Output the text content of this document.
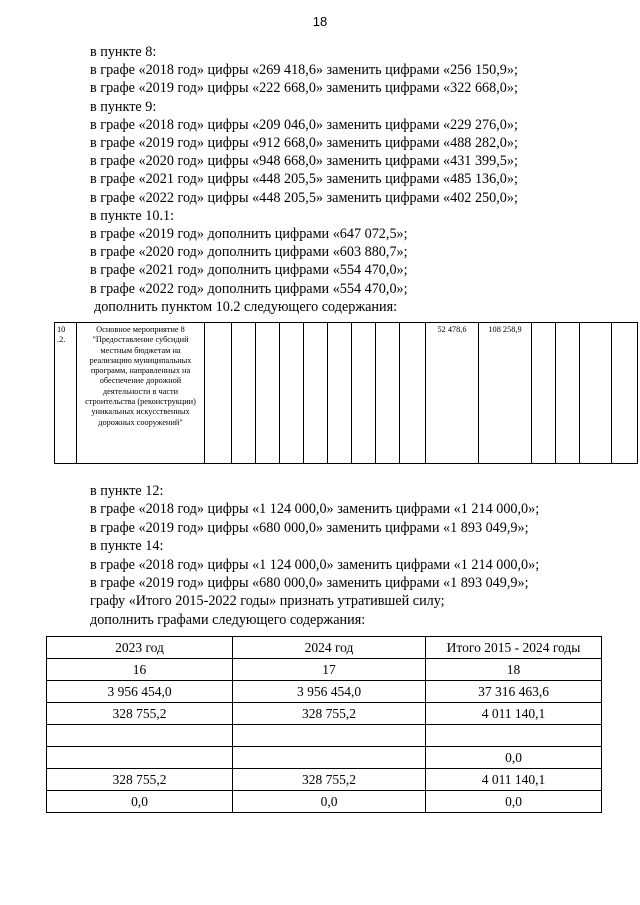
18

в пункте 8:

в графе «2018 год» цифры «269 418,6» заменить цифрами «256 150,9»;

в графе «2019 год» цифры «222 668,0» заменить цифрами «322 668,0»;

в пункте 9:

в графе «2018 год» цифры «209 046,0» заменить цифрами «229 276,0»;

в графе «2019 год» цифры «912 668,0» заменить цифрами «488 282,0»;

в графе «2020 год» цифры «948 668,0» заменить цифрами «431 399,5»;

в графе «2021 год» цифры «448 205,5» заменить цифрами «485 136,0»;

в графе «2022 год» цифры «448 205,5» заменить цифрами «402 250,0»;

в пункте 10.1:

в графе «2019 год» дополнить цифрами «647 072,5»;

в графе «2020 год» дополнить цифрами «603 880,7»;

в графе «2021 год» дополнить цифрами «554 470,0»;

в графе «2022 год» дополнить цифрами «554 470,0»;

дополнить пунктом 10.2 следующего содержания:

10
.2.	Основное мероприятие 8 "Предоставление субсидий местным бюджетам на реализацию муниципальных программ, направленных на обеспечение дорожной деятельности в части строительства (реконструкции) уникальных искусственных дорожных сооружений"										52 478,6	108 258,9				

в пункте 12:

в графе «2018 год» цифры «1 124 000,0» заменить цифрами «1 214 000,0»;

в графе «2019 год» цифры «680 000,0» заменить цифрами «1 893 049,9»;

в пункте 14:

в графе «2018 год» цифры «1 124 000,0» заменить цифрами «1 214 000,0»;

в графе «2019 год» цифры «680 000,0» заменить цифрами «1 893 049,9»;

графу «Итого 2015-2022 годы» признать утратившей силу;

дополнить графами следующего содержания:

2023 год	2024 год	Итого 2015 - 2024 годы
16	17	18
3 956 454,0	3 956 454,0	37 316 463,6
328 755,2	328 755,2	4 011 140,1

		0,0
328 755,2	328 755,2	4 011 140,1
0,0	0,0	0,0
